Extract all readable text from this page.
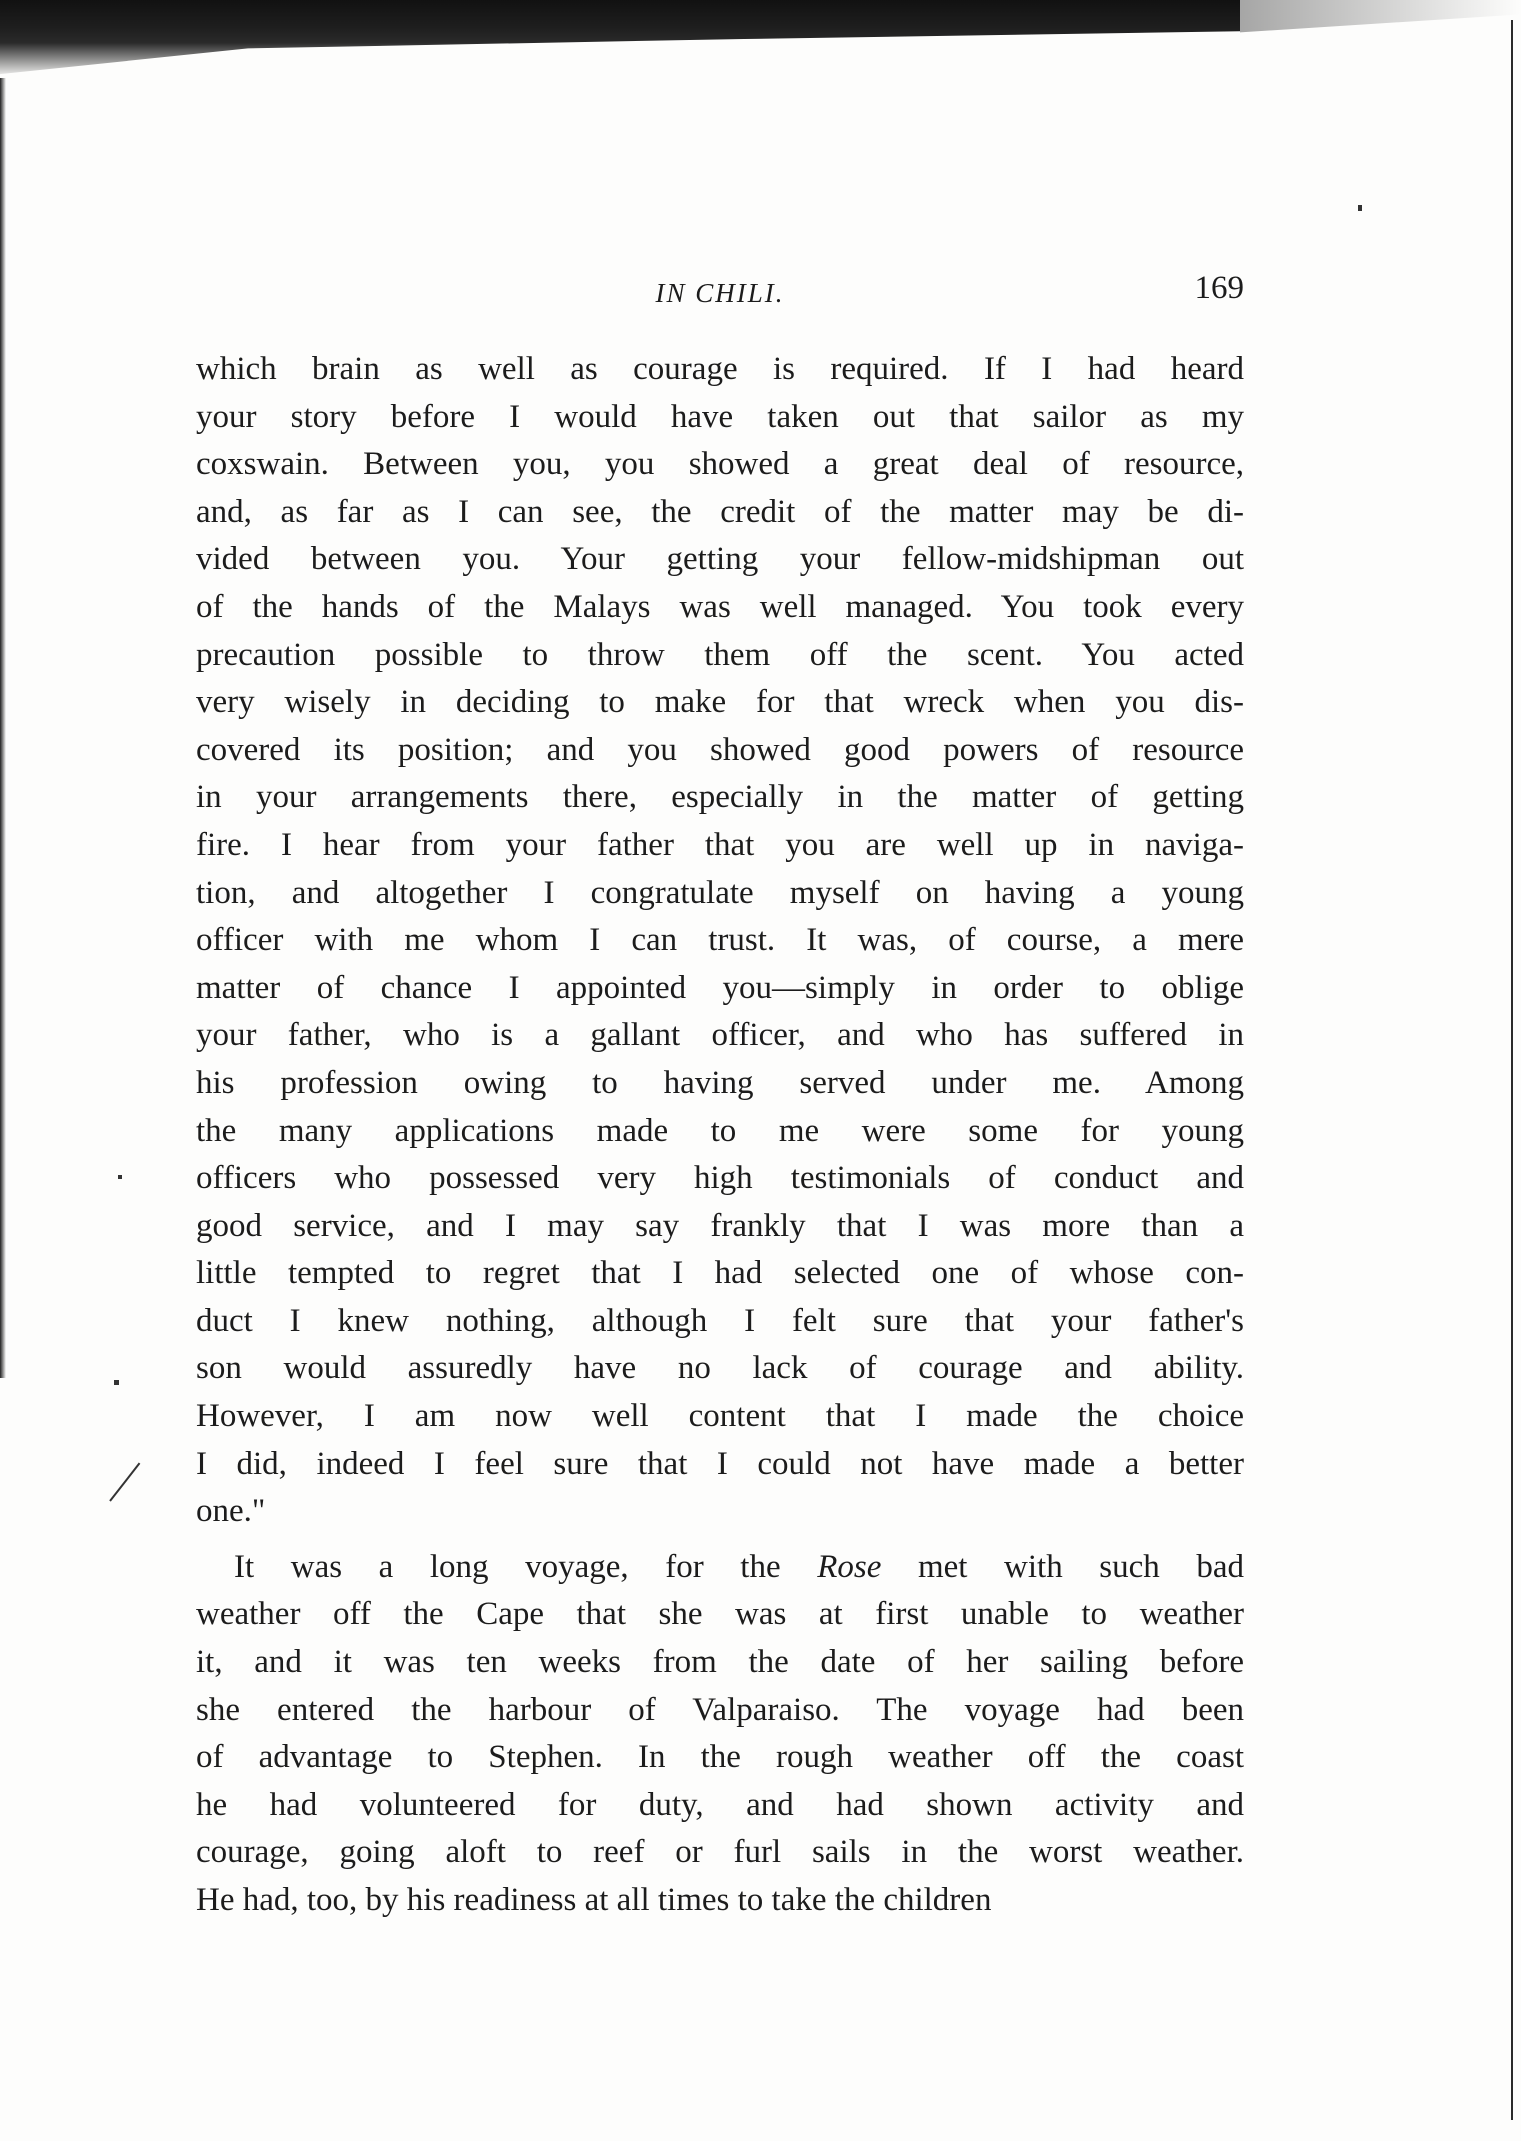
IN CHILI.	169
which brain as well as courage is required. If I had heard
your story before I would have taken out that sailor as my
coxswain. Between you, you showed a great deal of resource,
and, as far as I can see, the credit of the matter may be di-
vided between you. Your getting your fellow-midshipman out
of the hands of the Malays was well managed. You took every
precaution possible to throw them off the scent. You acted
very wisely in deciding to make for that wreck when you dis-
covered its position; and you showed good powers of resource
in your arrangements there, especially in the matter of getting
fire. I hear from your father that you are well up in naviga-
tion, and altogether I congratulate myself on having a young
officer with me whom I can trust. It was, of course, a mere
matter of chance I appointed you—simply in order to oblige
your father, who is a gallant officer, and who has suffered in
his profession owing to having served under me. Among
the many applications made to me were some for young
officers who possessed very high testimonials of conduct and
good service, and I may say frankly that I was more than a
little tempted to regret that I had selected one of whose con-
duct I knew nothing, although I felt sure that your father's
son would assuredly have no lack of courage and ability.
However, I am now well content that I made the choice
I did, indeed I feel sure that I could not have made a better
one."
It was a long voyage, for the Rose met with such bad
weather off the Cape that she was at first unable to weather
it, and it was ten weeks from the date of her sailing before
she entered the harbour of Valparaiso. The voyage had been
of advantage to Stephen. In the rough weather off the coast
he had volunteered for duty, and had shown activity and
courage, going aloft to reef or furl sails in the worst weather.
He had, too, by his readiness at all times to take the children
